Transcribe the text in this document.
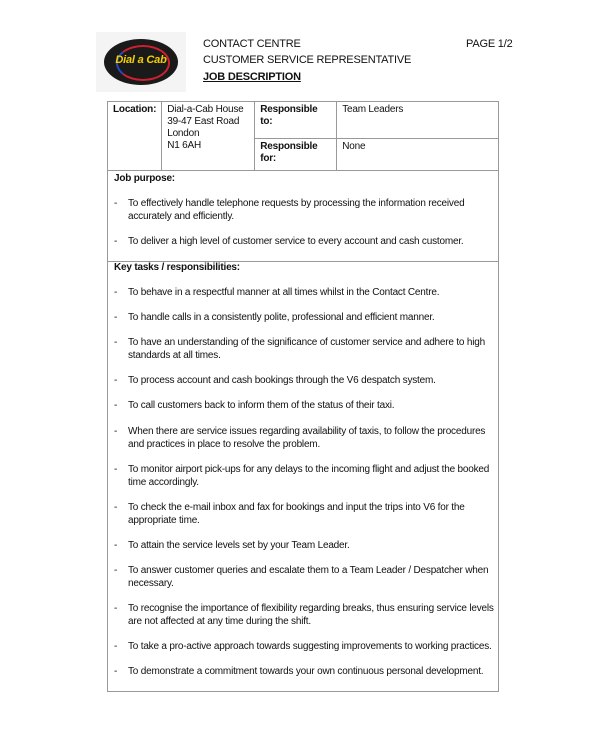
Dial a Cab
CONTACT CENTRE
CUSTOMER SERVICE REPRESENTATIVE
JOB DESCRIPTION
PAGE 1/2
Location:	Dial-a-Cab House
39-47 East Road
London
N1 6AH	Responsible to:	Team Leaders
		Responsible for:	None
Job purpose:
- To effectively handle telephone requests by processing the information received accurately and efficiently.
- To deliver a high level of customer service to every account and cash customer.
Key tasks / responsibilities:
- To behave in a respectful manner at all times whilst in the Contact Centre.
- To handle calls in a consistently polite, professional and efficient manner.
- To have an understanding of the significance of customer service and adhere to high standards at all times.
- To process account and cash bookings through the V6 despatch system.
- To call customers back to inform them of the status of their taxi.
- When there are service issues regarding availability of taxis, to follow the procedures and practices in place to resolve the problem.
- To monitor airport pick-ups for any delays to the incoming flight and adjust the booked time accordingly.
- To check the e-mail inbox and fax for bookings and input the trips into V6 for the appropriate time.
- To attain the service levels set by your Team Leader.
- To answer customer queries and escalate them to a Team Leader / Despatcher when necessary.
- To recognise the importance of flexibility regarding breaks, thus ensuring service levels are not affected at any time during the shift.
- To take a pro-active approach towards suggesting improvements to working practices.
- To demonstrate a commitment towards your own continuous personal development.
